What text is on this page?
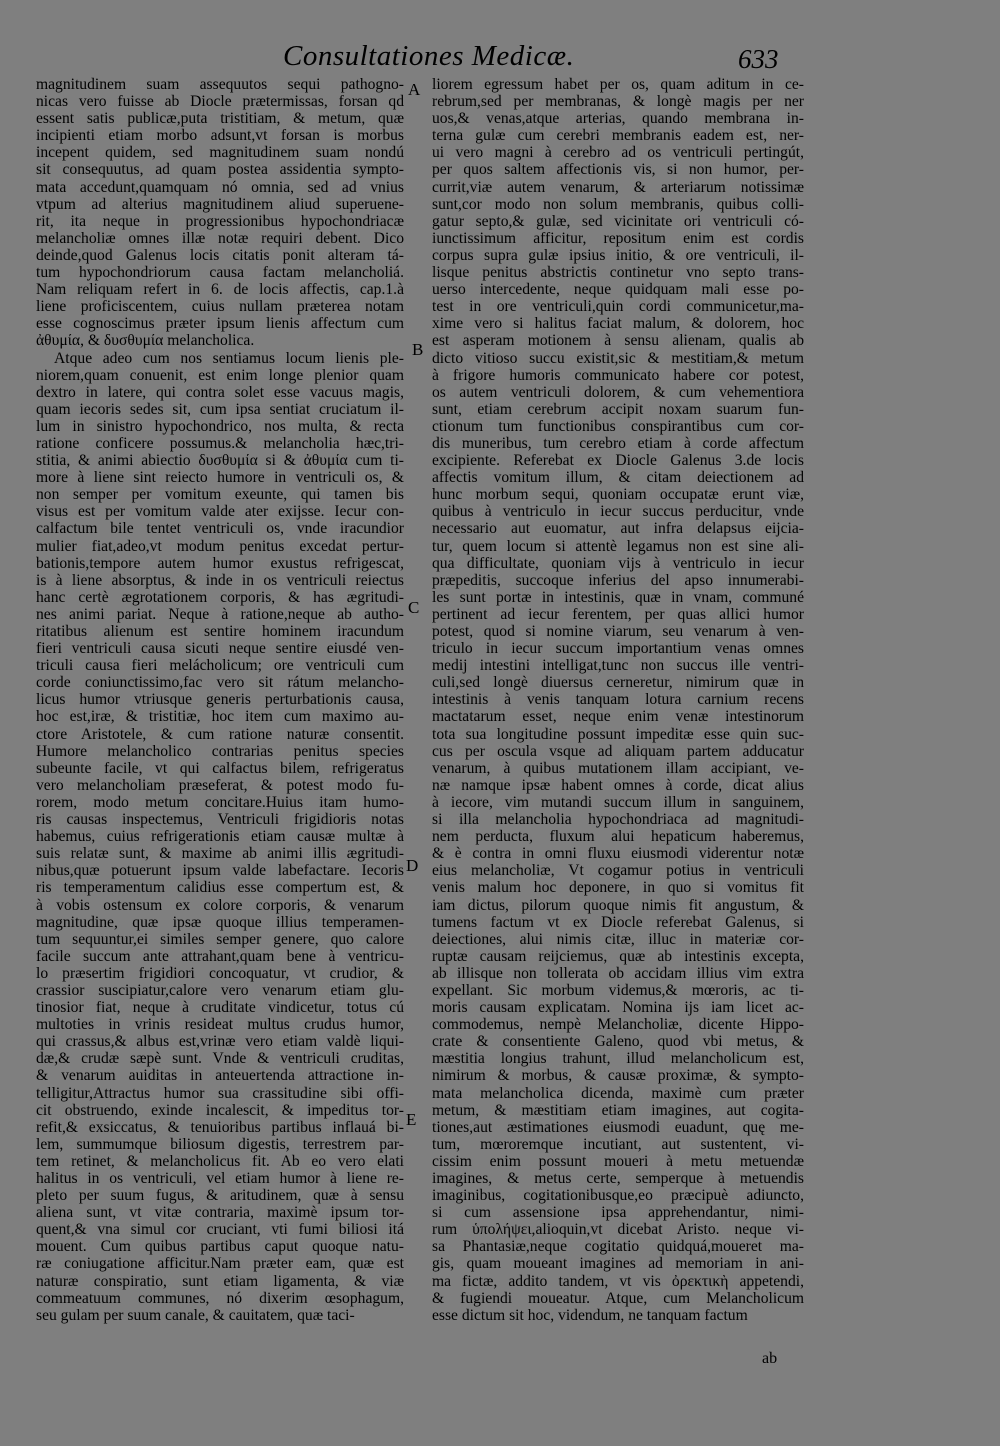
Consultationes Medicæ.	633
magnitudinem suam assequutos sequi pathogno-
nicas vero fuisse ab Diocle prætermissas, forsan qd
essent satis publicæ,puta tristitiam, & metum, quæ
incipienti etiam morbo adsunt,vt forsan is morbus
incepent quidem, sed magnitudinem suam nondú
sit consequutus, ad quam postea assidentia sympto-
mata accedunt,quamquam nó omnia, sed ad vnius
vtpum ad alterius magnitudinem aliud superuene-
rit, ita neque in progressionibus hypochondriacæ
melancholiæ omnes illæ notæ requiri debent. Dico
deinde,quod Galenus locis citatis ponit alteram tá-
tum hypochondriorum causa factam melancholiá.
Nam reliquam refert in 6. de locis affectis, cap.1.à
liene proficiscentem, cuius nullam præterea notam
esse cognoscimus præter ipsum lienis affectum cum
ἀθυμία, & δυσθυμία melancholica.
Atque adeo cum nos sentiamus locum lienis ple-
niorem,quam conuenit, est enim longe plenior quam
dextro in latere, qui contra solet esse vacuus magis,
quam iecoris sedes sit, cum ipsa sentiat cruciatum il-
lum in sinistro hypochondrico, nos multa, & recta
ratione conficere possumus.& melancholia hæc,tri-
stitia, & animi abiectio δυσθυμία si & ἀθυμία cum ti-
more à liene sint reiecto humore in ventriculi os, &
non semper per vomitum exeunte, qui tamen bis
visus est per vomitum valde ater exijsse. Iecur con-
calfactum bile tentet ventriculi os, vnde iracundior
mulier fiat,adeo,vt modum penitus excedat pertur-
bationis,tempore autem humor exustus refrigescat,
is à liene absorptus, & inde in os ventriculi reiectus
hanc certè ægrotationem corporis, & has ægritudi-
nes animi pariat. Neque à ratione,neque ab autho-
ritatibus alienum est sentire hominem iracundum
fieri ventriculi causa sicuti neque sentire eiusdé ven-
triculi causa fieri melácholicum; ore ventriculi cum
corde coniunctissimo,fac vero sit rátum melancho-
licus humor vtriusque generis perturbationis causa,
hoc est,iræ, & tristitiæ, hoc item cum maximo au-
ctore Aristotele, & cum ratione naturæ consentit.
Humore melancholico contrarias penitus species
subeunte facile, vt qui calfactus bilem, refrigeratus
vero melancholiam præseferat, & potest modo fu-
rorem, modo metum concitare.Huius itam humo-
ris causas inspectemus, Ventriculi frigidioris notas
habemus, cuius refrigerationis etiam causæ multæ à
suis relatæ sunt, & maxime ab animi illis ægritudi-
nibus,quæ potuerunt ipsum valde labefactare. Iecoris
ris temperamentum calidius esse compertum est, &
à vobis ostensum ex colore corporis, & venarum
magnitudine, quæ ipsæ quoque illius temperamen-
tum sequuntur,ei similes semper genere, quo calore
facile succum ante attrahant,quam bene à ventricu-
lo præsertim frigidiori concoquatur, vt crudior, &
crassior suscipiatur,calore vero venarum etiam glu-
tinosior fiat, neque à cruditate vindicetur, totus cú
multoties in vrinis resideat multus crudus humor,
qui crassus,& albus est,vrinæ vero etiam valdè liqui-
dæ,& crudæ sæpè sunt. Vnde & ventriculi cruditas,
& venarum auiditas in anteuertenda attractione in-
telligitur,Attractus humor sua crassitudine sibi offi-
cit obstruendo, exinde incalescit, & impeditus tor-
refit,& exsiccatus, & tenuioribus partibus inflauá bi-
lem, summumque biliosum digestis, terrestrem par-
tem retinet, & melancholicus fit. Ab eo vero elati
halitus in os ventriculi, vel etiam humor à liene re-
pleto per suum fugus, & aritudinem, quæ à sensu
aliena sunt, vt vitæ contraria, maximè ipsum tor-
quent,& vna simul cor cruciant, vti fumi biliosi itá
mouent. Cum quibus partibus caput quoque natu-
ræ coniugatione afficitur.Nam præter eam, quæ est
naturæ conspiratio, sunt etiam ligamenta, & viæ
commeatuum communes, nó dixerim œsophagum,
seu gulam per suum canale, & cauitatem, quæ taci-
liorem egressum habet per os, quam aditum in ce-
rebrum,sed per membranas, & longè magis per ner
uos,& venas,atque arterias, quando membrana in-
terna gulæ cum cerebri membranis eadem est, ner-
ui vero magni à cerebro ad os ventriculi pertingút,
per quos saltem affectionis vis, si non humor, per-
currit,viæ autem venarum, & arteriarum notissimæ
sunt,cor modo non solum membranis, quibus colli-
gatur septo,& gulæ, sed vicinitate ori ventriculi có-
iunctissimum afficitur, repositum enim est cordis
corpus supra gulæ ipsius initio, & ore ventriculi, il-
lisque penitus abstrictis continetur vno septo trans-
uerso intercedente, neque quidquam mali esse po-
test in ore ventriculi,quin cordi communicetur,ma-
xime vero si halitus faciat malum, & dolorem, hoc
est asperam motionem à sensu alienam, qualis ab
dicto vitioso succu existit,sic & mestitiam,& metum
à frigore humoris communicato habere cor potest,
os autem ventriculi dolorem, & cum vehementiora
sunt, etiam cerebrum accipit noxam suarum fun-
ctionum tum functionibus conspirantibus cum cor-
dis muneribus, tum cerebro etiam à corde affectum
excipiente. Referebat ex Diocle Galenus 3.de locis
affectis vomitum illum, & citam deiectionem ad
hunc morbum sequi, quoniam occupatæ erunt viæ,
quibus à ventriculo in iecur succus perducitur, vnde
necessario aut euomatur, aut infra delapsus eijcia-
tur, quem locum si attentè legamus non est sine ali-
qua difficultate, quoniam vijs à ventriculo in iecur
præpeditis, succoque inferius del apso innumerabi-
les sunt portæ in intestinis, quæ in vnam, communé
pertinent ad iecur ferentem, per quas allici humor
potest, quod si nomine viarum, seu venarum à ven-
triculo in iecur succum importantium venas omnes
medij intestini intelligat,tunc non succus ille ventri-
culi,sed longè diuersus cerneretur, nimirum quæ in
intestinis à venis tanquam lotura carnium recens
mactatarum esset, neque enim venæ intestinorum
tota sua longitudine possunt impeditæ esse quin suc-
cus per oscula vsque ad aliquam partem adducatur
venarum, à quibus mutationem illam accipiant, ve-
næ namque ipsæ habent omnes à corde, dicat alius
à iecore, vim mutandi succum illum in sanguinem,
si illa melancholia hypochondriaca ad magnitudi-
nem perducta, fluxum alui hepaticum haberemus,
& è contra in omni fluxu eiusmodi viderentur notæ
eius melancholiæ, Vt cogamur potius in ventriculi
venis malum hoc deponere, in quo si vomitus fit
iam dictus, pilorum quoque nimis fit angustum, &
tumens factum vt ex Diocle referebat Galenus, si
deiectiones, alui nimis citæ, illuc in materiæ cor-
ruptæ causam reijciemus, quæ ab intestinis excepta,
ab illisque non tollerata ob accidam illius vim extra
expellant. Sic morbum videmus,& mœroris, ac ti-
moris causam explicatam. Nomina ijs iam licet ac-
commodemus, nempè Melancholiæ, dicente Hippo-
crate & consentiente Galeno, quod vbi metus, &
mæstitia longius trahunt, illud melancholicum est,
nimirum & morbus, & causæ proximæ, & sympto-
mata melancholica dicenda, maximè cum præter
metum, & mæstitiam etiam imagines, aut cogita-
tiones,aut æstimationes eiusmodi euadunt, quę me-
tum, mœroremque incutiant, aut sustentent, vi-
cissim enim possunt moueri à metu metuendæ
imagines, & metus certe, semperque à metuendis
imaginibus, cogitationibusque,eo præcipuè adiuncto,
si cum assensione ipsa apprehendantur, nimi-
rum ὑπολήψει,alioquin,vt dicebat Aristo. neque vi-
sa Phantasiæ,neque cogitatio quidquá,moueret ma-
gis, quam moueant imagines ad memoriam in ani-
ma fictæ, addito tandem, vt vis ὀρεκτικὴ appetendi,
& fugiendi moueatur. Atque, cum Melancholicum
esse dictum sit hoc, videndum, ne tanquam factum
A
B
C
D
E
ab
